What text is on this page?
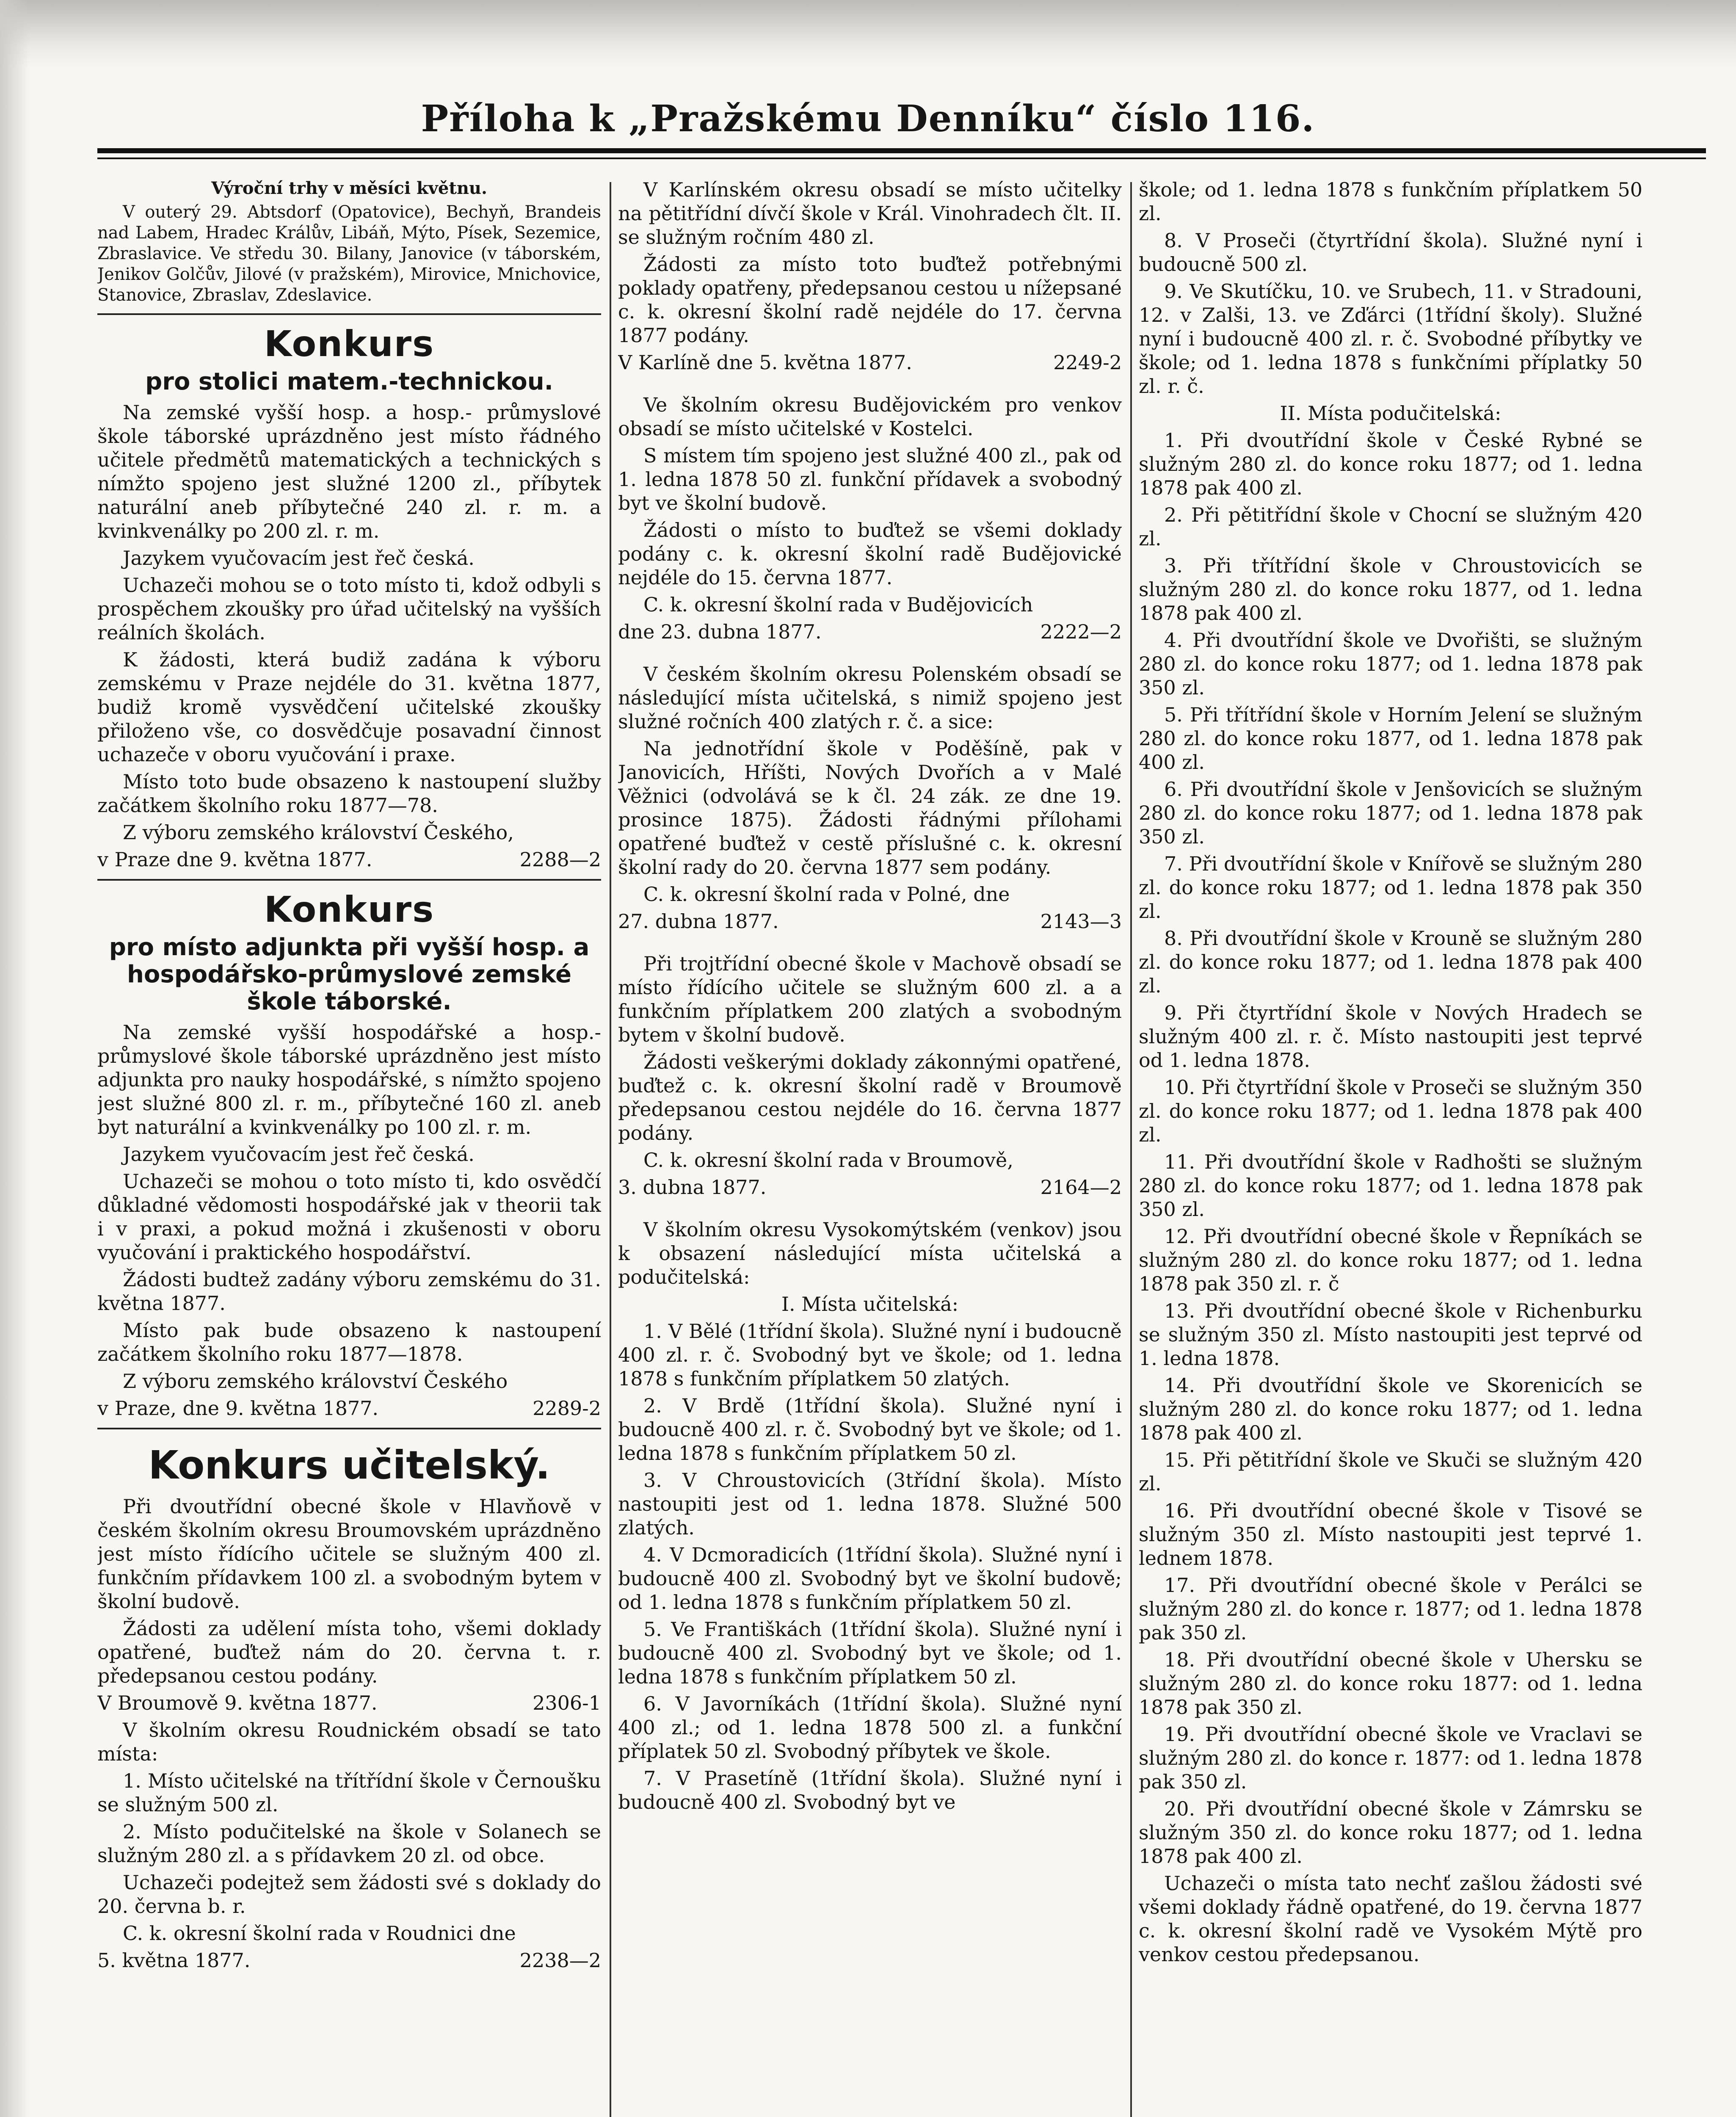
Příloha k „Pražskému Denníku“ číslo 116.

Výroční trhy v měsíci květnu.

V outerý 29. Abtsdorf (Opatovice), Bechyň, Brandeis nad Labem, Hradec Králův, Libáň, Mýto, Písek, Sezemice, Zbraslavice. Ve středu 30. Bilany, Janovice (v táborském, Jenikov Golčův, Jilové (v pražském), Mirovice, Mnichovice, Stanovice, Zbraslav, Zdeslavice.

Konkurs
pro stolici matem.-technickou.

Na zemské vyšší hosp. a hosp.- průmyslové škole táborské uprázdněno jest místo řádného učitele předmětů matematických a technických s nímžto spojeno jest služné 1200 zl., příbytek naturální aneb příbytečné 240 zl. r. m. a kvinkvenálky po 200 zl. r. m.

Jazykem vyučovacím jest řeč česká.

Uchazeči mohou se o toto místo ti, kdož odbyli s prospěchem zkoušky pro úřad učitelský na vyšších reálních školách.

K žádosti, která budiž zadána k výboru zemskému v Praze nejdéle do 31. května 1877, budiž kromě vysvědčení učitelské zkoušky přiloženo vše, co dosvědčuje posavadní činnost uchazeče v oboru vyučování i praxe.

Místo toto bude obsazeno k nastoupení služby začátkem školního roku 1877—78.

Z výboru zemského království Českého,

v Praze dne 9. května 1877.	2288—2

Konkurs
pro místo adjunkta při vyšší hosp. a hospodářsko-průmyslové zemské škole táborské.

Na zemské vyšší hospodářské a hosp.-průmyslové škole táborské uprázdněno jest místo adjunkta pro nauky hospodářské, s nímžto spojeno jest služné 800 zl. r. m., příbytečné 160 zl. aneb byt naturální a kvinkvenálky po 100 zl. r. m.

Jazykem vyučovacím jest řeč česká.

Uchazeči se mohou o toto místo ti, kdo osvědčí důkladné vědomosti hospodářské jak v theorii tak i v praxi, a pokud možná i zkušenosti v oboru vyučování i praktického hospodářství.

Žádosti budtež zadány výboru zemskému do 31. května 1877.

Místo pak bude obsazeno k nastoupení začátkem školního roku 1877—1878.

Z výboru zemského království Českého

v Praze, dne 9. května 1877.	2289-2

Konkurs učitelský.

Při dvoutřídní obecné škole v Hlavňově v českém školním okresu Broumovském uprázdněno jest místo řídícího učitele se služným 400 zl. funkčním přídavkem 100 zl. a svobodným bytem v školní budově.

Žádosti za udělení místa toho, všemi doklady opatřené, buďtež nám do 20. června t. r. předepsanou cestou podány.

V Broumově 9. května 1877.	2306-1

V školním okresu Roudnickém obsadí se tato místa:

1. Místo učitelské na třítřídní škole v Černoušku se služným 500 zl.

2. Místo podučitelské na škole v Solanech se služným 280 zl. a s přídavkem 20 zl. od obce.

Uchazeči podejtež sem žádosti své s doklady do 20. června b. r.

C. k. okresní školní rada v Roudnici dne

5. května 1877.	2238—2

V Karlínském okresu obsadí se místo učitelky na pětitřídní dívčí škole v Král. Vinohradech člt. II. se služným ročním 480 zl.

Žádosti za místo toto buďtež potřebnými poklady opatřeny, předepsanou cestou u nížepsané c. k. okresní školní radě nejdéle do 17. června 1877 podány.

V Karlíně dne 5. května 1877.	2249-2

Ve školním okresu Budějovickém pro venkov obsadí se místo učitelské v Kostelci.

S místem tím spojeno jest služné 400 zl., pak od 1. ledna 1878 50 zl. funkční přídavek a svobodný byt ve školní budově.

Žádosti o místo to buďtež se všemi doklady podány c. k. okresní školní radě Budějovické nejdéle do 15. června 1877.

C. k. okresní školní rada v Budějovicích

dne 23. dubna 1877.	2222—2

V českém školním okresu Polenském obsadí se následující místa učitelská, s nimiž spojeno jest služné ročních 400 zlatých r. č. a sice:

Na jednotřídní škole v Poděšíně, pak v Janovicích, Hříšti, Nových Dvořích a v Malé Věžnici (odvolává se k čl. 24 zák. ze dne 19. prosince 1875). Žádosti řádnými přílohami opatřené buďtež v cestě příslušné c. k. okresní školní rady do 20. června 1877 sem podány.

C. k. okresní školní rada v Polné, dne

27. dubna 1877.	2143—3

Při trojtřídní obecné škole v Machově obsadí se místo řídícího učitele se služným 600 zl. a a funkčním příplatkem 200 zlatých a svobodným bytem v školní budově.

Žádosti veškerými doklady zákonnými opatřené, buďtež c. k. okresní školní radě v Broumově předepsanou cestou nejdéle do 16. června 1877 podány.

C. k. okresní školní rada v Broumově,

3. dubna 1877.	2164—2

V školním okresu Vysokomýtském (venkov) jsou k obsazení následující místa učitelská a podučitelská:

I. Místa učitelská:

1. V Bělé (1třídní škola). Služné nyní i budoucně 400 zl. r. č. Svobodný byt ve škole; od 1. ledna 1878 s funkčním příplatkem 50 zlatých.

2. V Brdě (1třídní škola). Služné nyní i budoucně 400 zl. r. č. Svobodný byt ve škole; od 1. ledna 1878 s funkčním příplatkem 50 zl.

3. V Chroustovicích (3třídní škola). Místo nastoupiti jest od 1. ledna 1878. Služné 500 zlatých.

4. V Dcmoradicích (1třídní škola). Služné nyní i budoucně 400 zl. Svobodný byt ve školní budově; od 1. ledna 1878 s funkčním příplatkem 50 zl.

5. Ve Františkách (1třídní škola). Služné nyní i budoucně 400 zl. Svobodný byt ve škole; od 1. ledna 1878 s funkčním příplatkem 50 zl.

6. V Javorníkách (1třídní škola). Služné nyní 400 zl.; od 1. ledna 1878 500 zl. a funkční příplatek 50 zl. Svobodný příbytek ve škole.

7. V Prasetíně (1třídní škola). Služné nyní i budoucně 400 zl. Svobodný byt ve

škole; od 1. ledna 1878 s funkčním příplatkem 50 zl.

8. V Proseči (čtyrtřídní škola). Služné nyní i budoucně 500 zl.

9. Ve Skutíčku, 10. ve Srubech, 11. v Stradouni, 12. v Zalši, 13. ve Zďárci (1třídní školy). Služné nyní i budoucně 400 zl. r. č. Svobodné příbytky ve škole; od 1. ledna 1878 s funkčními příplatky 50 zl. r. č.

II. Místa podučitelská:

1. Při dvoutřídní škole v České Rybné se služným 280 zl. do konce roku 1877; od 1. ledna 1878 pak 400 zl.

2. Při pětitřídní škole v Chocní se služným 420 zl.

3. Při třítřídní škole v Chroustovicích se služným 280 zl. do konce roku 1877, od 1. ledna 1878 pak 400 zl.

4. Při dvoutřídní škole ve Dvořišti, se služným 280 zl. do konce roku 1877; od 1. ledna 1878 pak 350 zl.

5. Při třítřídní škole v Horním Jelení se služným 280 zl. do konce roku 1877, od 1. ledna 1878 pak 400 zl.

6. Při dvoutřídní škole v Jenšovicích se služným 280 zl. do konce roku 1877; od 1. ledna 1878 pak 350 zl.

7. Při dvoutřídní škole v Knířově se služným 280 zl. do konce roku 1877; od 1. ledna 1878 pak 350 zl.

8. Při dvoutřídní škole v Krouně se služným 280 zl. do konce roku 1877; od 1. ledna 1878 pak 400 zl.

9. Při čtyrtřídní škole v Nových Hradech se služným 400 zl. r. č. Místo nastoupiti jest teprvé od 1. ledna 1878.

10. Při čtyrtřídní škole v Proseči se služným 350 zl. do konce roku 1877; od 1. ledna 1878 pak 400 zl.

11. Při dvoutřídní škole v Radhošti se služným 280 zl. do konce roku 1877; od 1. ledna 1878 pak 350 zl.

12. Při dvoutřídní obecné škole v Řepníkách se služným 280 zl. do konce roku 1877; od 1. ledna 1878 pak 350 zl. r. č

13. Při dvoutřídní obecné škole v Richenburku se služným 350 zl. Místo nastoupiti jest teprvé od 1. ledna 1878.

14. Při dvoutřídní škole ve Skorenicích se služným 280 zl. do konce roku 1877; od 1. ledna 1878 pak 400 zl.

15. Při pětitřídní škole ve Skuči se služným 420 zl.

16. Při dvoutřídní obecné škole v Tisové se služným 350 zl. Místo nastoupiti jest teprvé 1. lednem 1878.

17. Při dvoutřídní obecné škole v Perálci se služným 280 zl. do konce r. 1877; od 1. ledna 1878 pak 350 zl.

18. Při dvoutřídní obecné škole v Uhersku se služným 280 zl. do konce roku 1877: od 1. ledna 1878 pak 350 zl.

19. Při dvoutřídní obecné škole ve Vraclavi se služným 280 zl. do konce r. 1877: od 1. ledna 1878 pak 350 zl.

20. Při dvoutřídní obecné škole v Zámrsku se služným 350 zl. do konce roku 1877; od 1. ledna 1878 pak 400 zl.

Uchazeči o místa tato nechť zašlou žádosti své všemi doklady řádně opatřené, do 19. června 1877 c. k. okresní školní radě ve Vysokém Mýtě pro venkov cestou předepsanou.
